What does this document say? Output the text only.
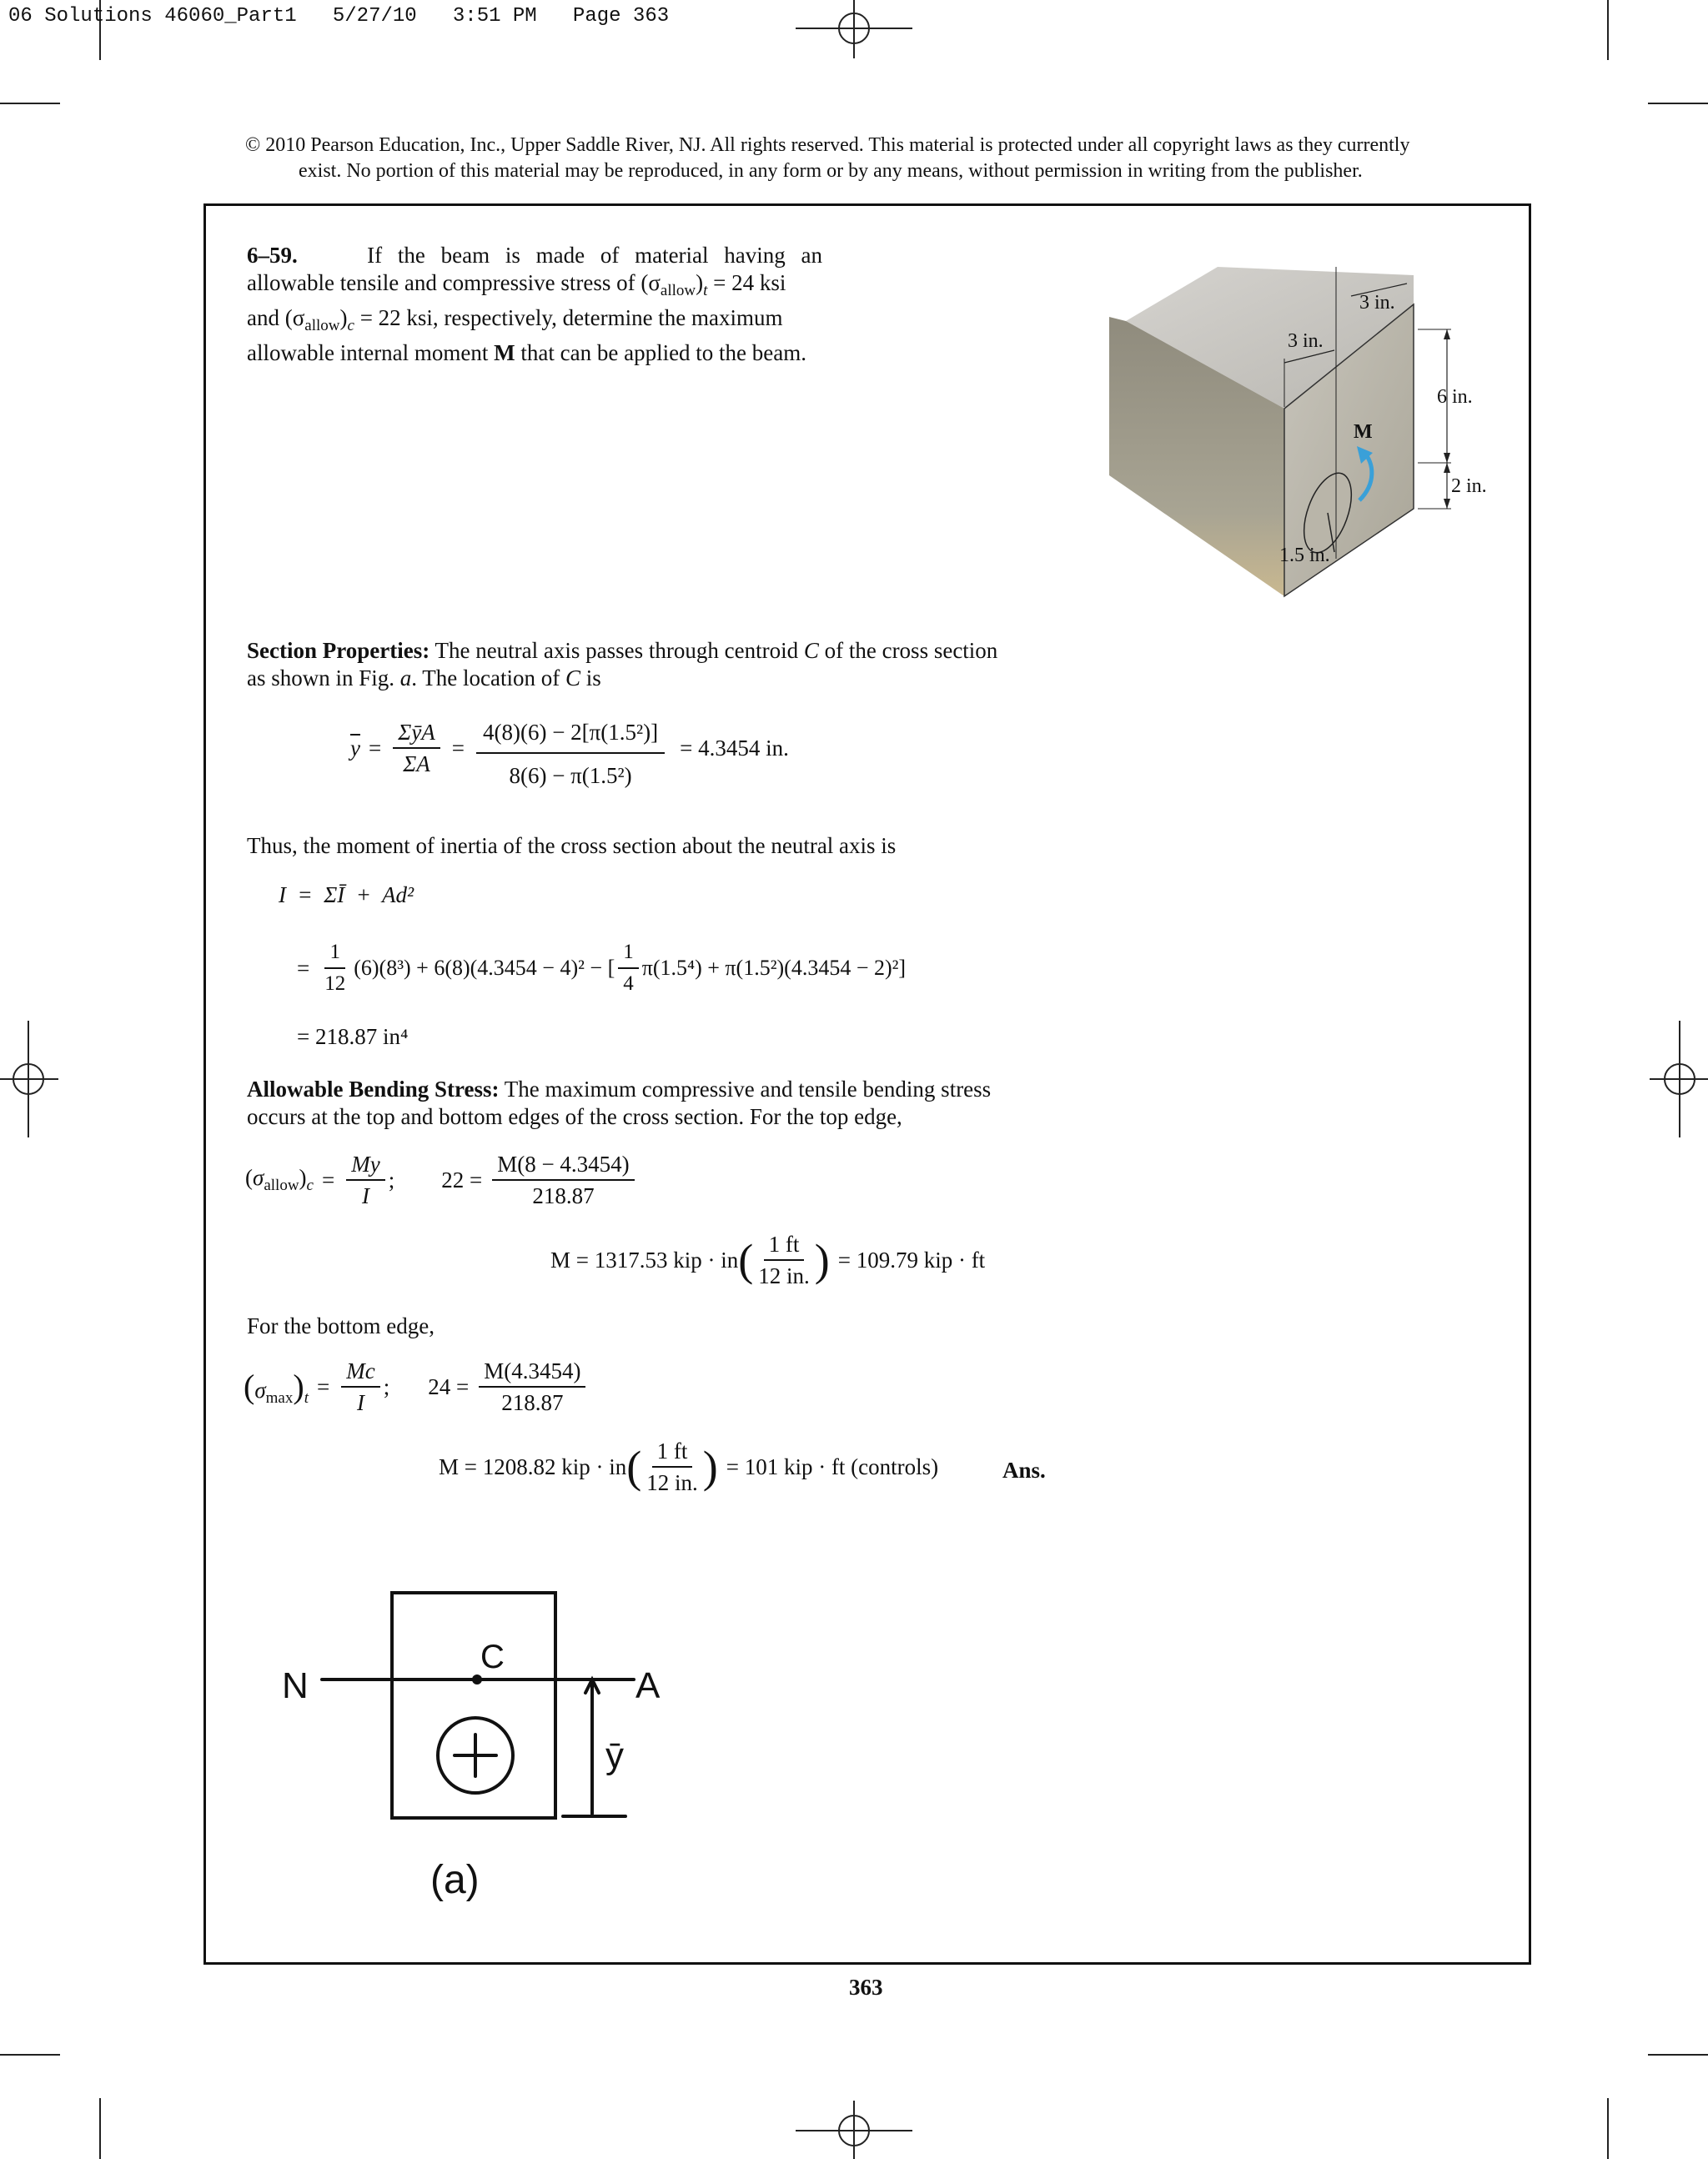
06 Solutions 46060_Part1   5/27/10   3:51 PM   Page 363
© 2010 Pearson Education, Inc., Upper Saddle River, NJ. All rights reserved. This material is protected under all copyright laws as they currently
exist. No portion of this material may be reproduced, in any form or by any means, without permission in writing from the publisher.
6–59.	If the beam is made of material having an
allowable tensile and compressive stress of $(\sigma_{allow})_t = 24$ ksi
and $(\sigma_{allow})_c = 22$ ksi, respectively, determine the maximum
allowable internal moment M that can be applied to the beam.
3 in.
3 in.
6 in.
2 in.
1.5 in.
M
Section Properties: The neutral axis passes through centroid C of the cross section
as shown in Fig. a. The location of C is
$\overline{y} = \frac{\text{ΣȳA}}{\Sigma A} = \frac{\text{4(8)(6) − 2[π(1.5²)]}}{\text{8(6) − π(1.5²)}} = 4.3454$ in.
Thus, the moment of inertia of the cross section about the neutral axis is
I  =  ΣĪ  +  Ad²
= $\frac{1}{12} (6)(8^3) + 6(8)(4.3454 - 4)^2$ − [ $\frac{1}{4} \pi(1.5^4) + \pi(1.5^2)(4.3454 - 2)^2$]
= 218.87 in⁴
Allowable Bending Stress: The maximum compressive and tensile bending stress
occurs at the top and bottom edges of the cross section. For the top edge,
$(\sigma_{allow})_c = \frac{My}{I}$ ; $22 = \frac{M(8 - 4.3454)}{218.87}$
M = 1317.53 kip · in ( $\frac{1 ft}{12 in.}$ ) = 109.79 kip · ft
For the bottom edge,
$(\sigma_{max})_t = \frac{Mc}{I}$ ; $24 = \frac{M(4.3454)}{218.87}$
M = 1208.82 kip · in ( $\frac{1 ft}{12 in.}$ ) = 101 kip · ft (controls)	Ans.
N	A
C
ȳ
(a)
363
